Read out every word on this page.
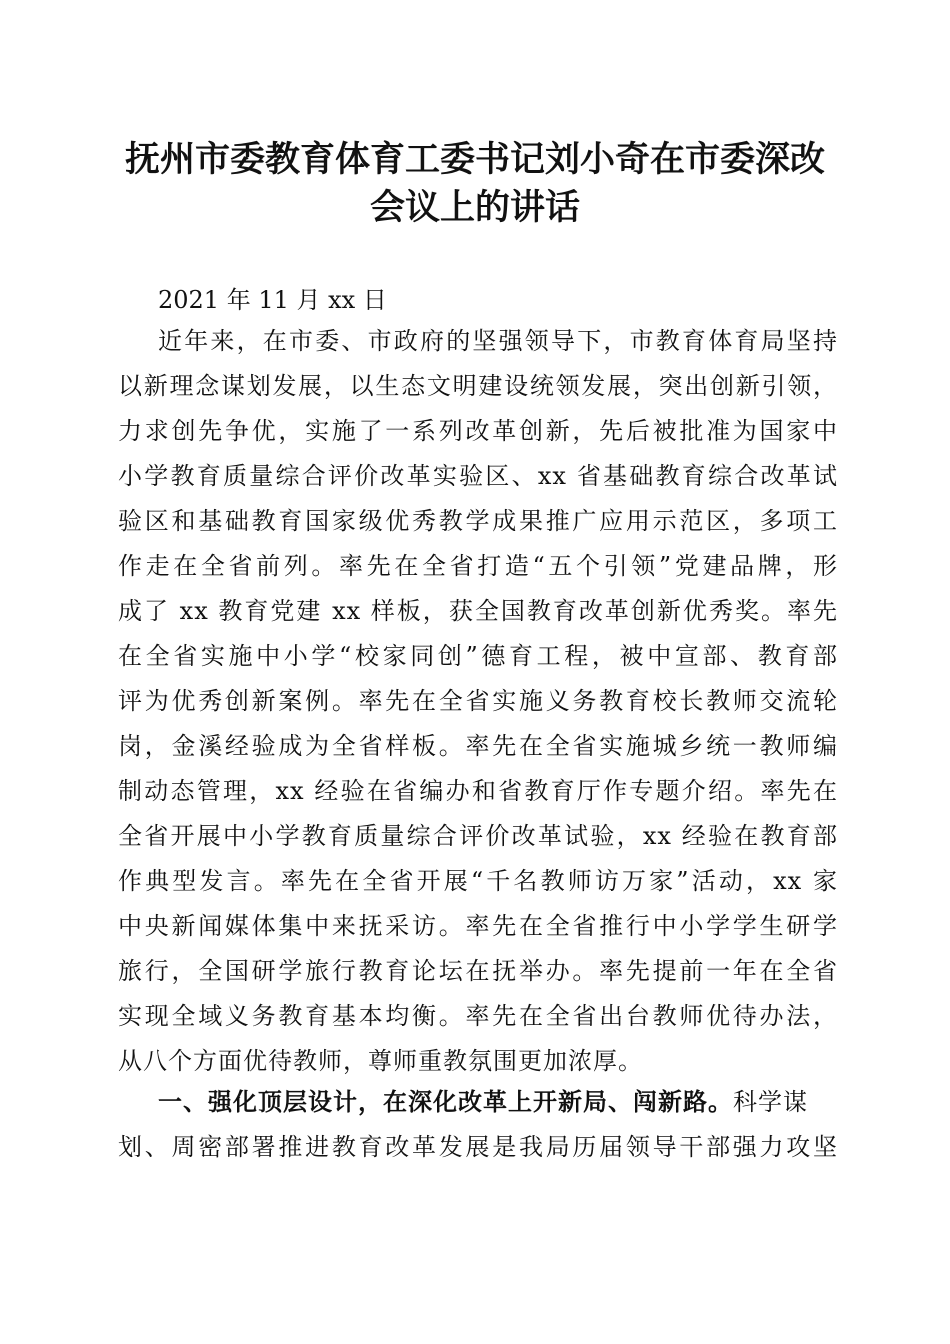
抚州市委教育体育工委书记刘小奇在市委深改
会议上的讲话

2021 年 11 月 xx 日

近年来，在市委、市政府的坚强领导下，市教育体育局坚持

以新理念谋划发展，以生态文明建设统领发展，突出创新引领，

力求创先争优，实施了一系列改革创新，先后被批准为国家中

小学教育质量综合评价改革实验区、xx 省基础教育综合改革试

验区和基础教育国家级优秀教学成果推广应用示范区，多项工

作走在全省前列。率先在全省打造“五个引领”党建品牌，形

成了 xx 教育党建 xx 样板，获全国教育改革创新优秀奖。率先

在全省实施中小学“校家同创”德育工程，被中宣部、教育部

评为优秀创新案例。率先在全省实施义务教育校长教师交流轮

岗，金溪经验成为全省样板。率先在全省实施城乡统一教师编

制动态管理，xx 经验在省编办和省教育厅作专题介绍。率先在

全省开展中小学教育质量综合评价改革试验，xx 经验在教育部

作典型发言。率先在全省开展“千名教师访万家”活动，xx 家

中央新闻媒体集中来抚采访。率先在全省推行中小学学生研学

旅行，全国研学旅行教育论坛在抚举办。率先提前一年在全省

实现全域义务教育基本均衡。率先在全省出台教师优待办法，

从八个方面优待教师，尊师重教氛围更加浓厚。

一、强化顶层设计，在深化改革上开新局、闯新路。科学谋

划、周密部署推进教育改革发展是我局历届领导干部强力攻坚
